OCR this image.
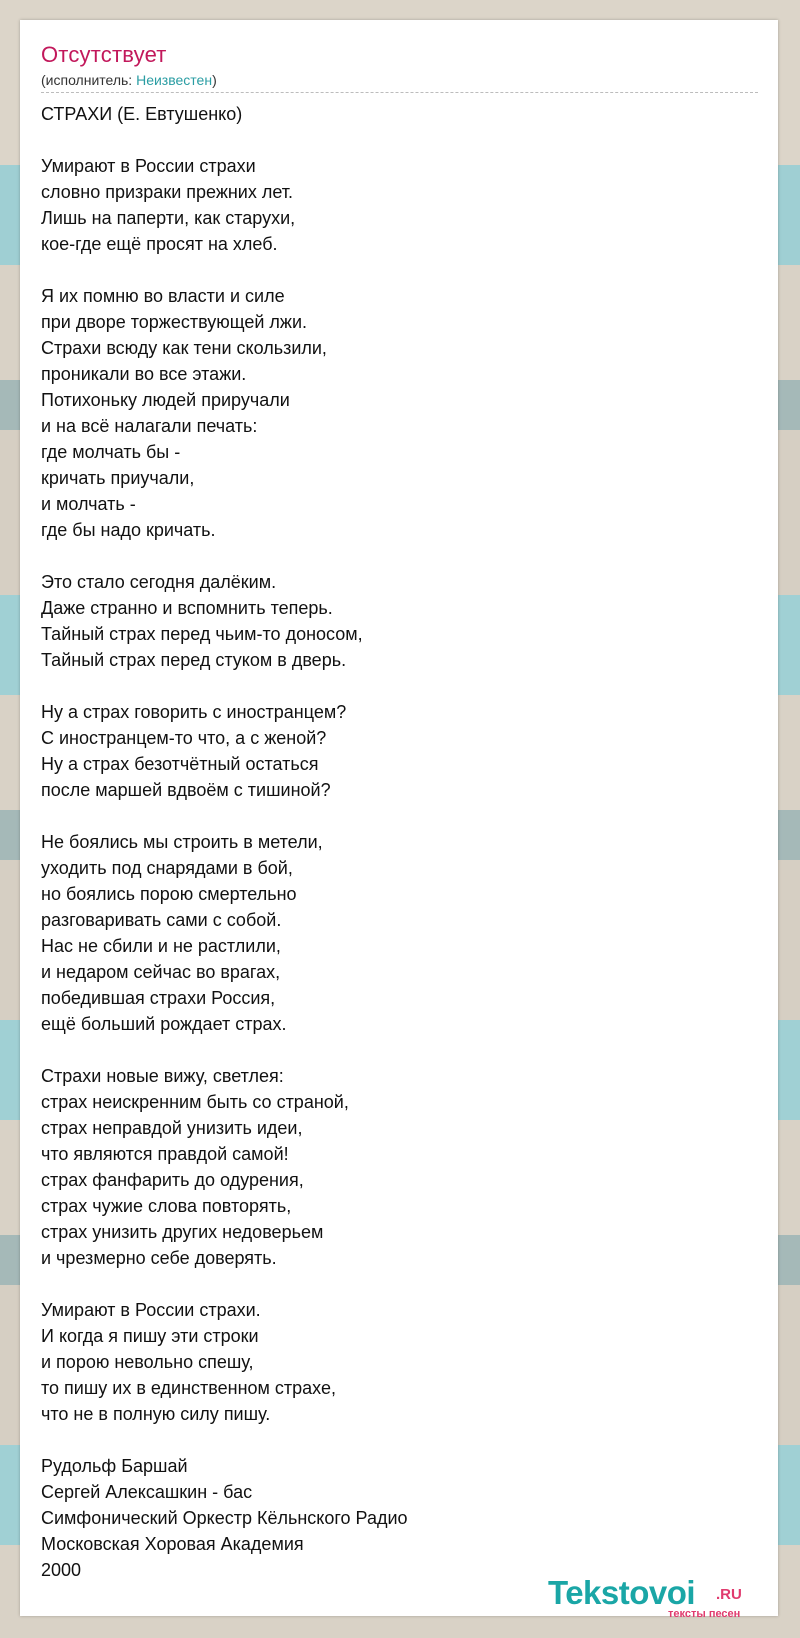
Отсутствует
(исполнитель: Неизвестен)
СТРАХИ (Е. Евтушенко)
Умирают в России страхи
словно призраки прежних лет.
Лишь на паперти, как старухи,
кое-где ещё просят на хлеб.
Я их помню во власти и силе
при дворе торжествующей лжи.
Страхи всюду как тени скользили,
проникали во все этажи.
Потихоньку людей приручали
и на всё налагали печать:
где молчать бы -
кричать приучали,
и молчать -
где бы надо кричать.
Это стало сегодня далёким.
Даже странно и вспомнить теперь.
Тайный страх перед чьим-то доносом,
Тайный страх перед стуком в дверь.
Ну а страх говорить с иностранцем?
С иностранцем-то что, а с женой?
Ну а страх безотчётный остаться
после маршей вдвоём с тишиной?
Не боялись мы строить в метели,
уходить под снарядами в бой,
но боялись порою смертельно
разговаривать сами с собой.
Нас не сбили и не растлили,
и недаром сейчас во врагах,
победившая страхи Россия,
ещё больший рождает страх.
Страхи новые вижу, светлея:
страх неискренним быть со страной,
страх неправдой унизить идеи,
что являются правдой самой!
страх фанфарить до одурения,
страх чужие слова повторять,
страх унизить других недоверьем
и чрезмерно себе доверять.
Умирают в России страхи.
И когда я пишу эти строки
и порою невольно спешу,
то пишу их в единственном страхе,
что не в полную силу пишу.
Рудольф Баршай
Сергей Алексашкин - бас
Симфонический Оркестр Кёльнского Радио
Московская Хоровая Академия
2000
Tekstovoi .RU
тексты песен
